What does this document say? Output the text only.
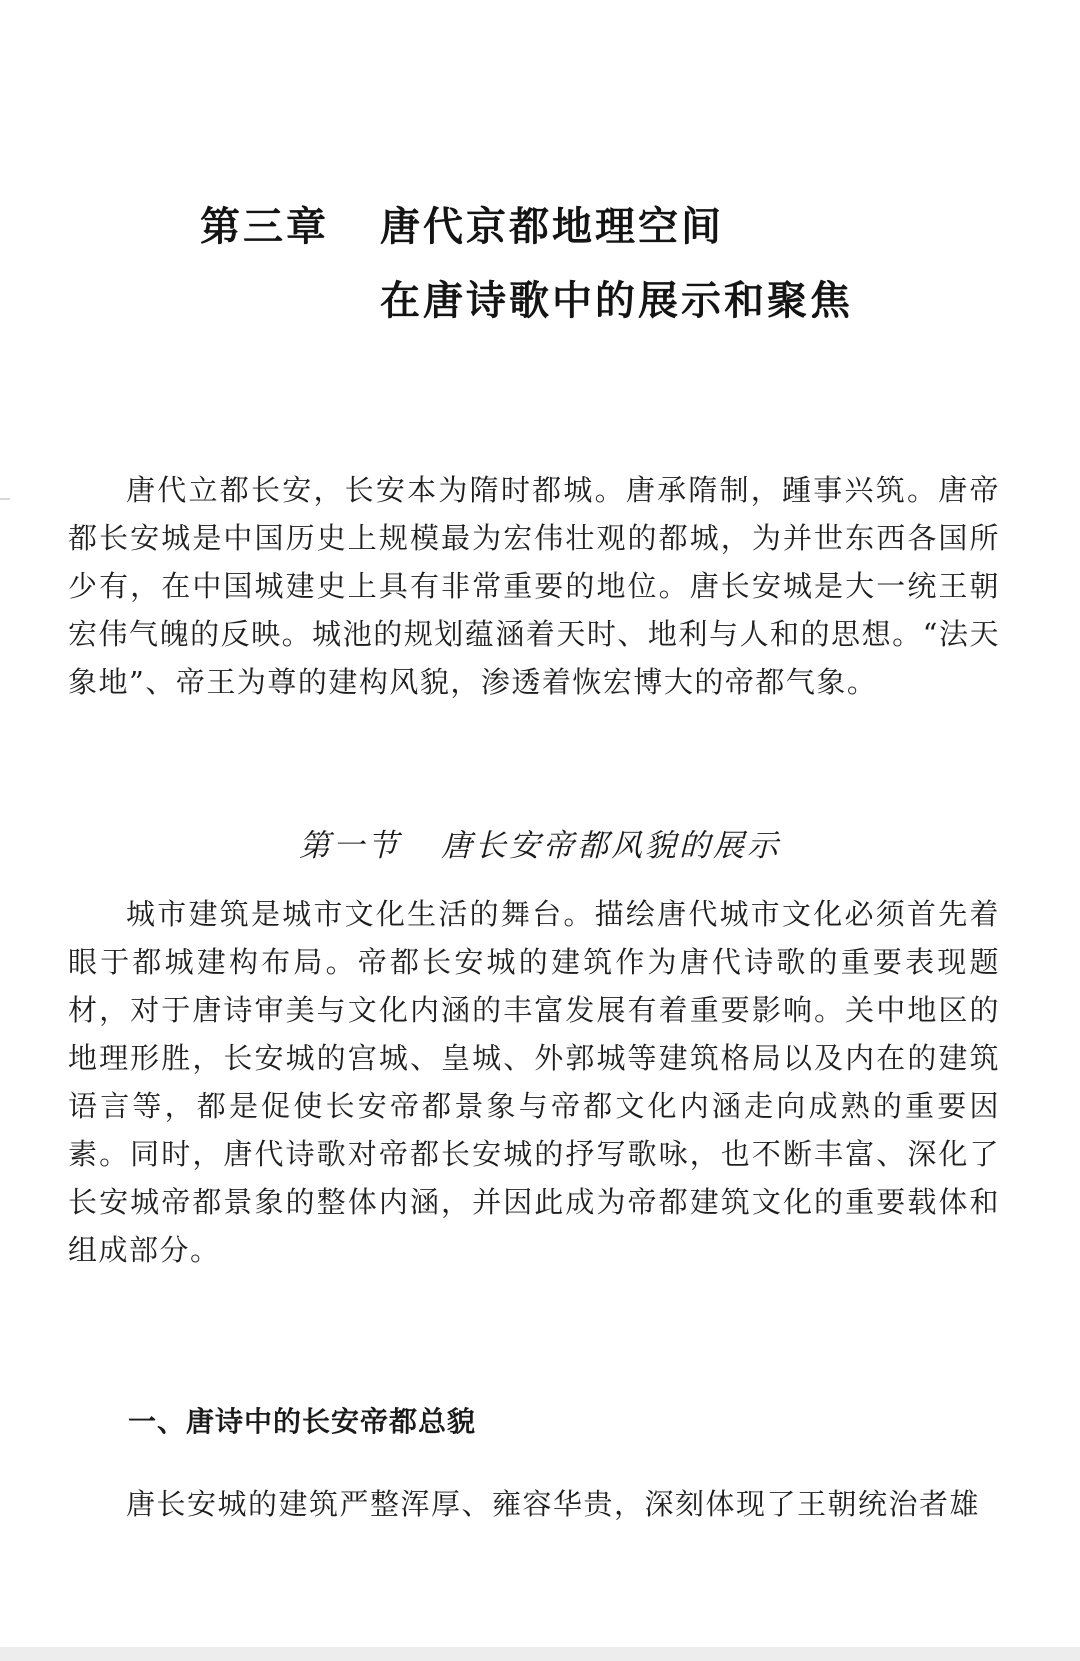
第三章	唐代京都地理空间
在唐诗歌中的展示和聚焦

唐代立都长安，长安本为隋时都城。唐承隋制，踵事兴筑。唐帝都长安城是中国历史上规模最为宏伟壮观的都城，为并世东西各国所少有，在中国城建史上具有非常重要的地位。唐长安城是大一统王朝宏伟气魄的反映。城池的规划蕴涵着天时、地利与人和的思想。“法天象地”、帝王为尊的建构风貌，渗透着恢宏博大的帝都气象。

第一节 唐长安帝都风貌的展示

城市建筑是城市文化生活的舞台。描绘唐代城市文化必须首先着眼于都城建构布局。帝都长安城的建筑作为唐代诗歌的重要表现题材，对于唐诗审美与文化内涵的丰富发展有着重要影响。关中地区的地理形胜，长安城的宫城、皇城、外郭城等建筑格局以及内在的建筑语言等，都是促使长安帝都景象与帝都文化内涵走向成熟的重要因素。同时，唐代诗歌对帝都长安城的抒写歌咏，也不断丰富、深化了长安城帝都景象的整体内涵，并因此成为帝都建筑文化的重要载体和组成部分。

一、唐诗中的长安帝都总貌

唐长安城的建筑严整浑厚、雍容华贵，深刻体现了王朝统治者雄
